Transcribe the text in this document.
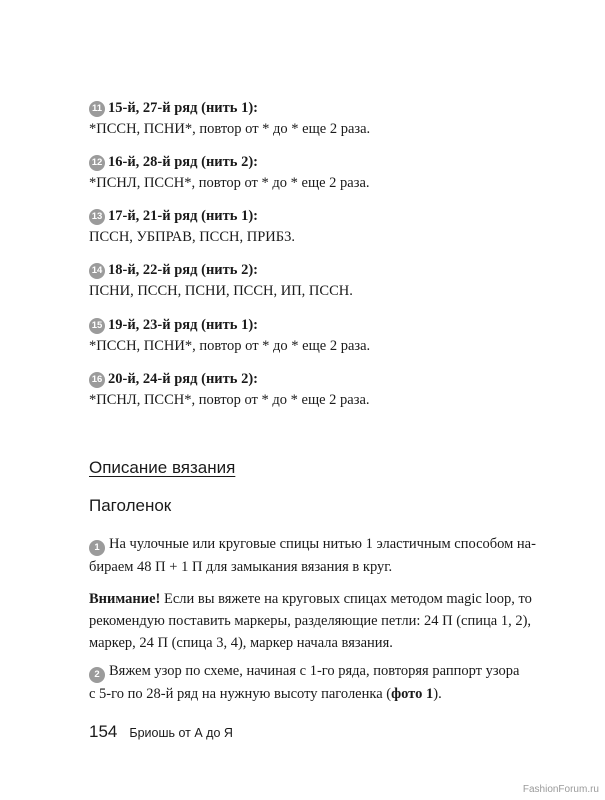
11 15-й, 27-й ряд (нить 1):
*ПССН, ПСНИ*, повтор от * до * еще 2 раза.
12 16-й, 28-й ряд (нить 2):
*ПСНЛ, ПССН*, повтор от * до * еще 2 раза.
13 17-й, 21-й ряд (нить 1):
ПССН, УБПРАВ, ПССН, ПРИБ3.
14 18-й, 22-й ряд (нить 2):
ПСНИ, ПССН, ПСНИ, ПССН, ИП, ПССН.
15 19-й, 23-й ряд (нить 1):
*ПССН, ПСНИ*, повтор от * до * еще 2 раза.
16 20-й, 24-й ряд (нить 2):
*ПСНЛ, ПССН*, повтор от * до * еще 2 раза.
Описание вязания
Паголенок
1 На чулочные или круговые спицы нитью 1 эластичным способом на-
бираем 48 П + 1 П для замыкания вязания в круг.
Внимание! Если вы вяжете на круговых спицах методом magic loop, то
рекомендую поставить маркеры, разделяющие петли: 24 П (спица 1, 2),
маркер, 24 П (спица 3, 4), маркер начала вязания.
2 Вяжем узор по схеме, начиная с 1-го ряда, повторяя раппорт узора
с 5-го по 28-й ряд на нужную высоту паголенка (фото 1).
154 Бриошь от А до Я
FashionForum.ru
